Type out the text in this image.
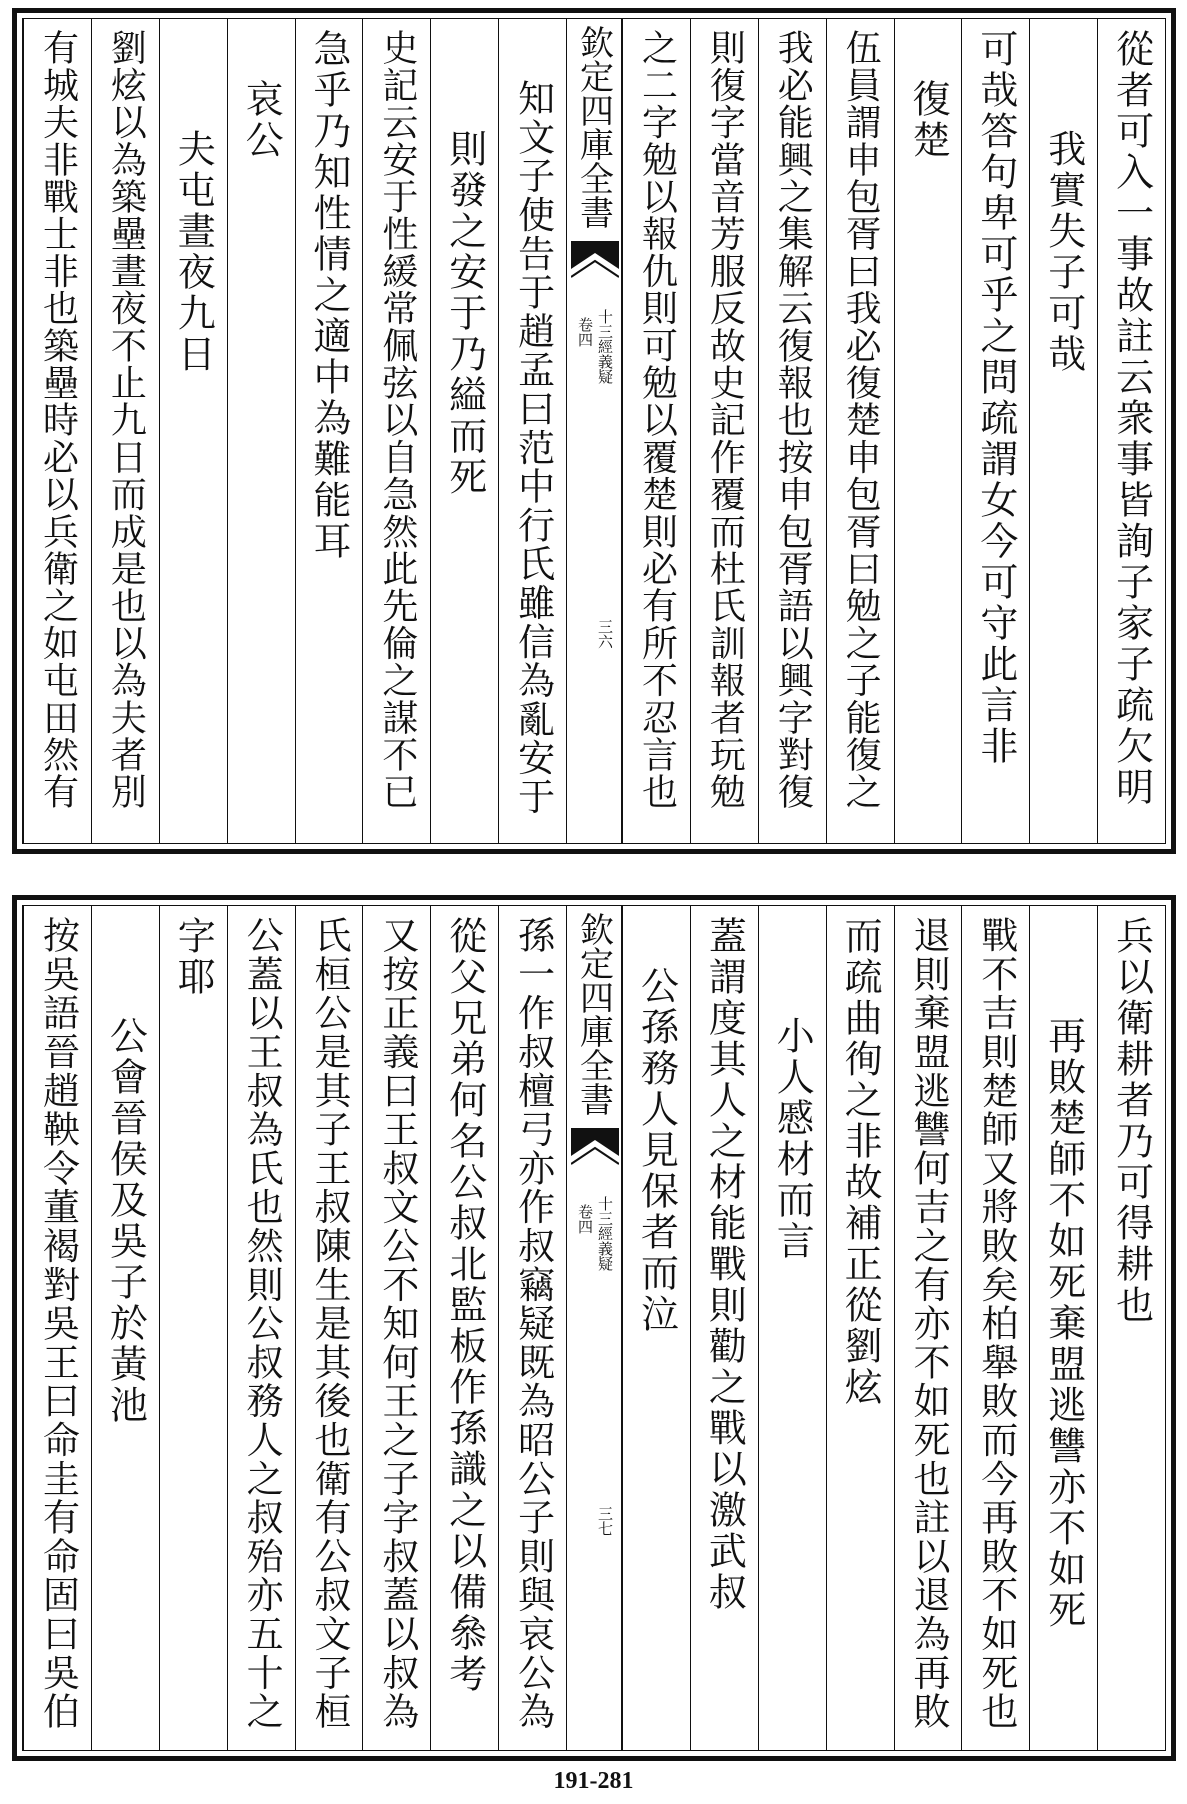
從者可入一事故註云衆事皆詢子家子疏欠明
我實失子可哉
可哉答句卑可乎之問疏謂女今可守此言非
復楚
伍員謂申包胥曰我必復楚申包胥曰勉之子能復之
我必能興之集解云復報也按申包胥語以興字對復
則復字當音芳服反故史記作覆而杜氏訓報者玩勉
之二字勉以報仇則可勉以覆楚則必有所不忍言也
欽定四庫全書
十三經義疑
卷四
三六
知文子使告于趙孟曰范中行氏雖信為亂安于
則發之安于乃縊而死
史記云安于性緩常佩弦以自急然此先倫之謀不已
急乎乃知性情之適中為難能耳
哀公
夫屯晝夜九日
劉炫以為築壘晝夜不止九日而成是也以為夫者別
有城夫非戰士非也築壘時必以兵衛之如屯田然有
兵以衛耕者乃可得耕也
再敗楚師不如死棄盟逃讐亦不如死
戰不吉則楚師又將敗矣柏舉敗而今再敗不如死也
退則棄盟逃讐何吉之有亦不如死也註以退為再敗
而疏曲徇之非故補正從劉炫
小人慼材而言
蓋謂度其人之材能戰則勸之戰以激武叔
公孫務人見保者而泣
欽定四庫全書
十三經義疑
卷四
三七
孫一作叔檀弓亦作叔竊疑既為昭公子則與哀公為
從父兄弟何名公叔北監板作孫識之以備叅考
又按正義曰王叔文公不知何王之子字叔蓋以叔為
氏桓公是其子王叔陳生是其後也衛有公叔文子桓
公蓋以王叔為氏也然則公叔務人之叔殆亦五十之
字耶
公會晉侯及吳子於黃池
按吳語晉趙鞅令董褐對吳王曰命圭有命固曰吳伯
191-281
